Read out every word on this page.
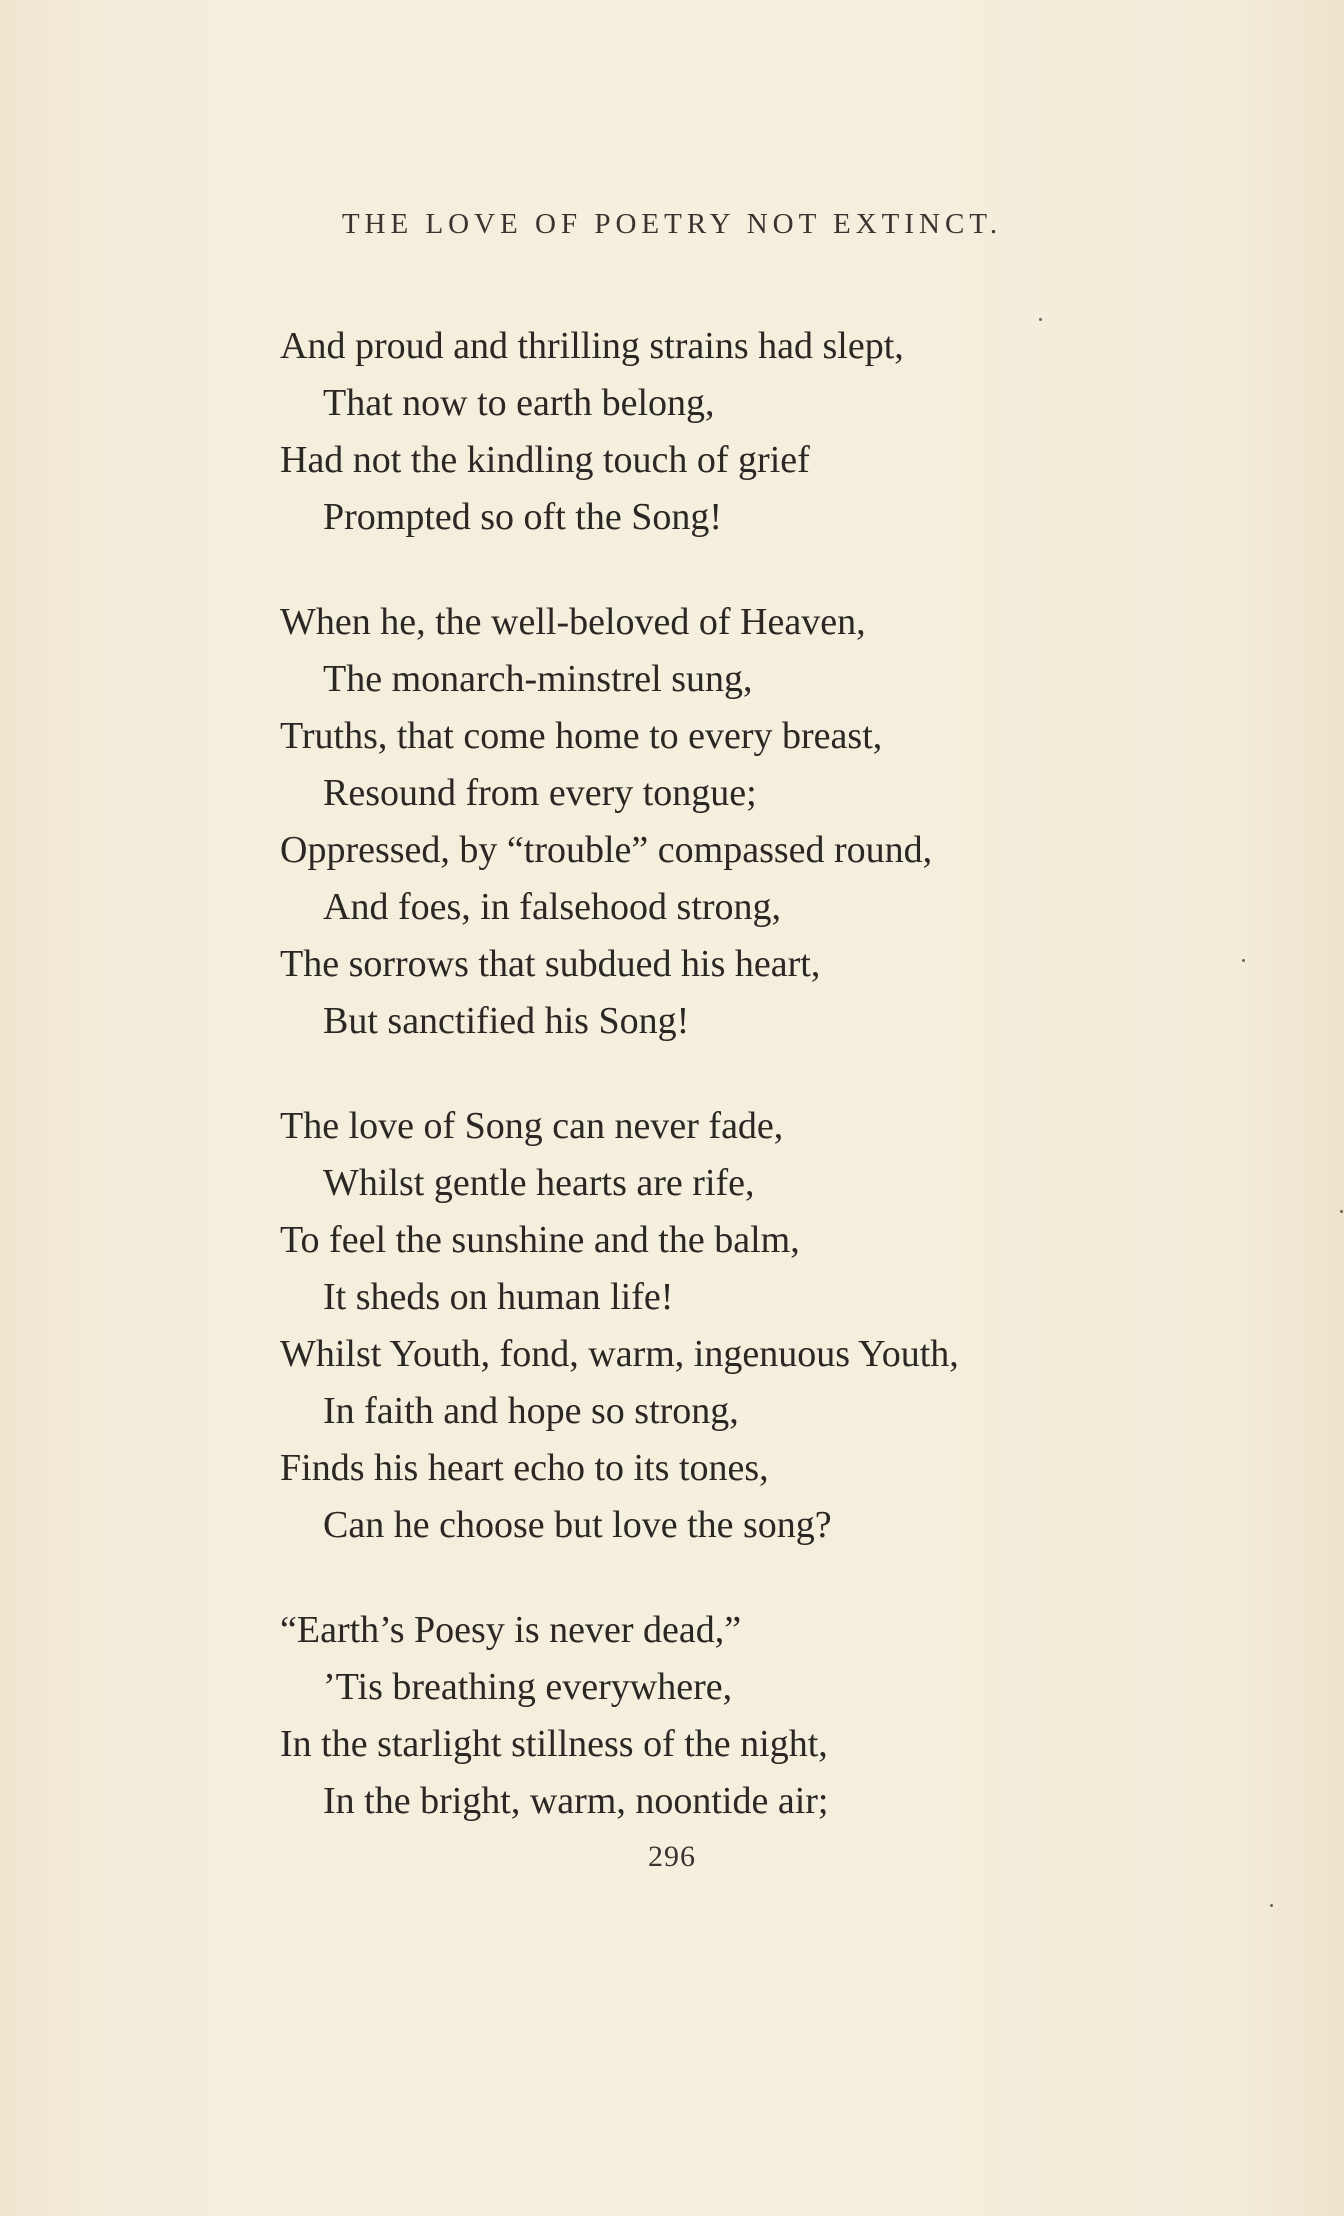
THE LOVE OF POETRY NOT EXTINCT.
And proud and thrilling strains had slept,
That now to earth belong,
Had not the kindling touch of grief
Prompted so oft the Song!
When he, the well-beloved of Heaven,
The monarch-minstrel sung,
Truths, that come home to every breast,
Resound from every tongue;
Oppressed, by “trouble” compassed round,
And foes, in falsehood strong,
The sorrows that subdued his heart,
But sanctified his Song!
The love of Song can never fade,
Whilst gentle hearts are rife,
To feel the sunshine and the balm,
It sheds on human life!
Whilst Youth, fond, warm, ingenuous Youth,
In faith and hope so strong,
Finds his heart echo to its tones,
Can he choose but love the song?
“Earth’s Poesy is never dead,”
’Tis breathing everywhere,
In the starlight stillness of the night,
In the bright, warm, noontide air;
296
